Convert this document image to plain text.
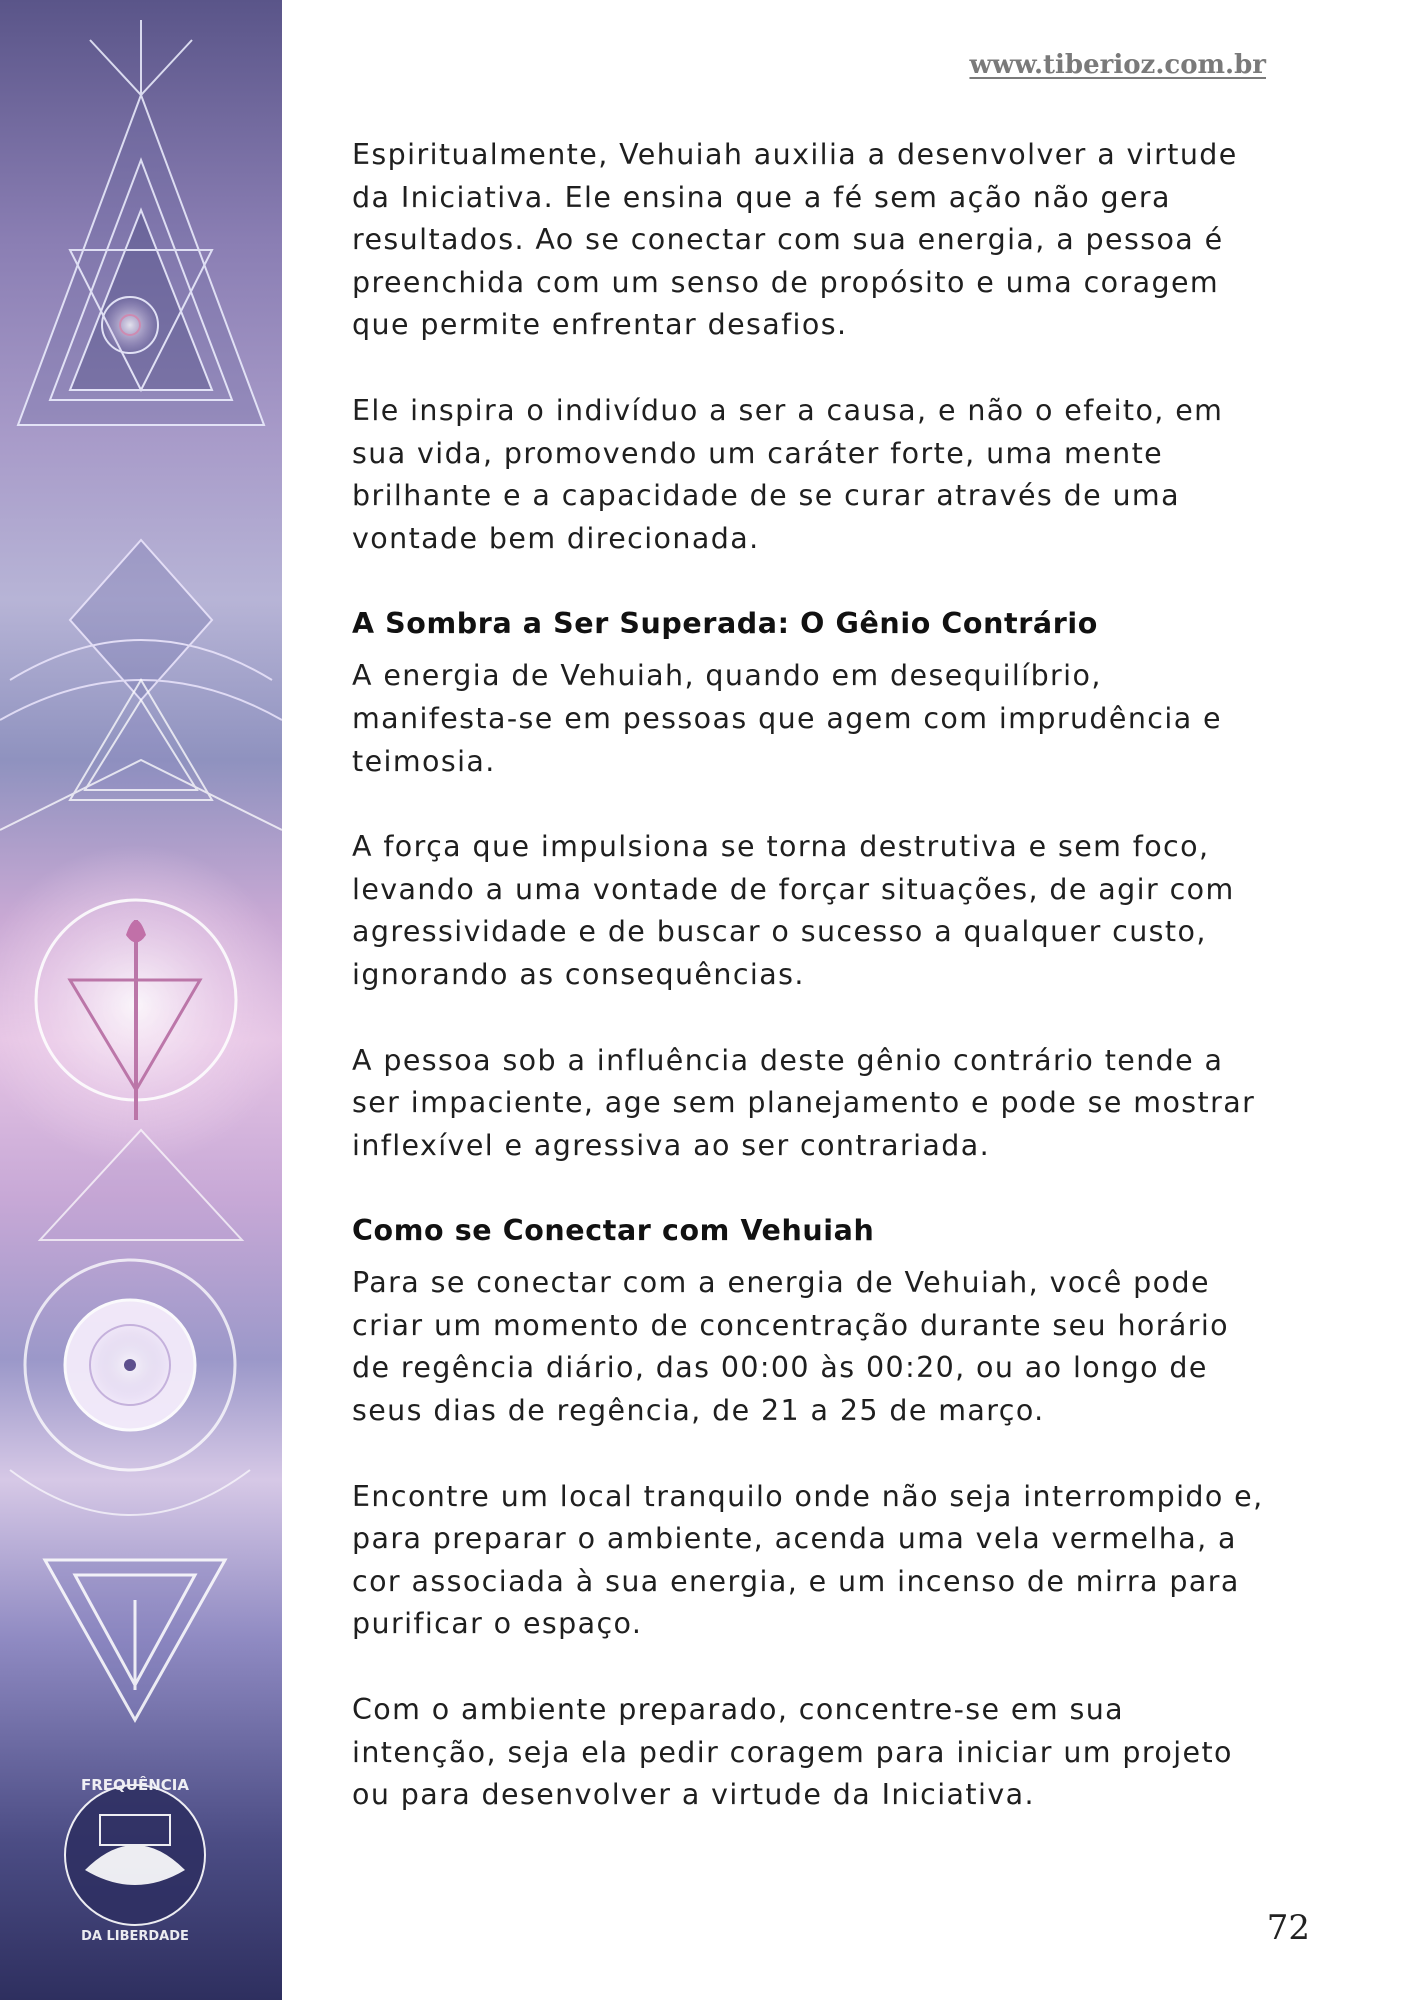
FREQUÊNCIA
DA LIBERDADE
www.tiberioz.com.br

Espiritualmente, Vehuiah auxilia a desenvolver a virtude
da Iniciativa. Ele ensina que a fé sem ação não gera
resultados. Ao se conectar com sua energia, a pessoa é
preenchida com um senso de propósito e uma coragem
que permite enfrentar desafios.

Ele inspira o indivíduo a ser a causa, e não o efeito, em
sua vida, promovendo um caráter forte, uma mente
brilhante e a capacidade de se curar através de uma
vontade bem direcionada.

A Sombra a Ser Superada: O Gênio Contrário

A energia de Vehuiah, quando em desequilíbrio,
manifesta-se em pessoas que agem com imprudência e
teimosia.

A força que impulsiona se torna destrutiva e sem foco,
levando a uma vontade de forçar situações, de agir com
agressividade e de buscar o sucesso a qualquer custo,
ignorando as consequências.

A pessoa sob a influência deste gênio contrário tende a
ser impaciente, age sem planejamento e pode se mostrar
inflexível e agressiva ao ser contrariada.

Como se Conectar com Vehuiah

Para se conectar com a energia de Vehuiah, você pode
criar um momento de concentração durante seu horário
de regência diário, das 00:00 às 00:20, ou ao longo de
seus dias de regência, de 21 a 25 de março.

Encontre um local tranquilo onde não seja interrompido e,
para preparar o ambiente, acenda uma vela vermelha, a
cor associada à sua energia, e um incenso de mirra para
purificar o espaço.

Com o ambiente preparado, concentre-se em sua
intenção, seja ela pedir coragem para iniciar um projeto
ou para desenvolver a virtude da Iniciativa.

72
